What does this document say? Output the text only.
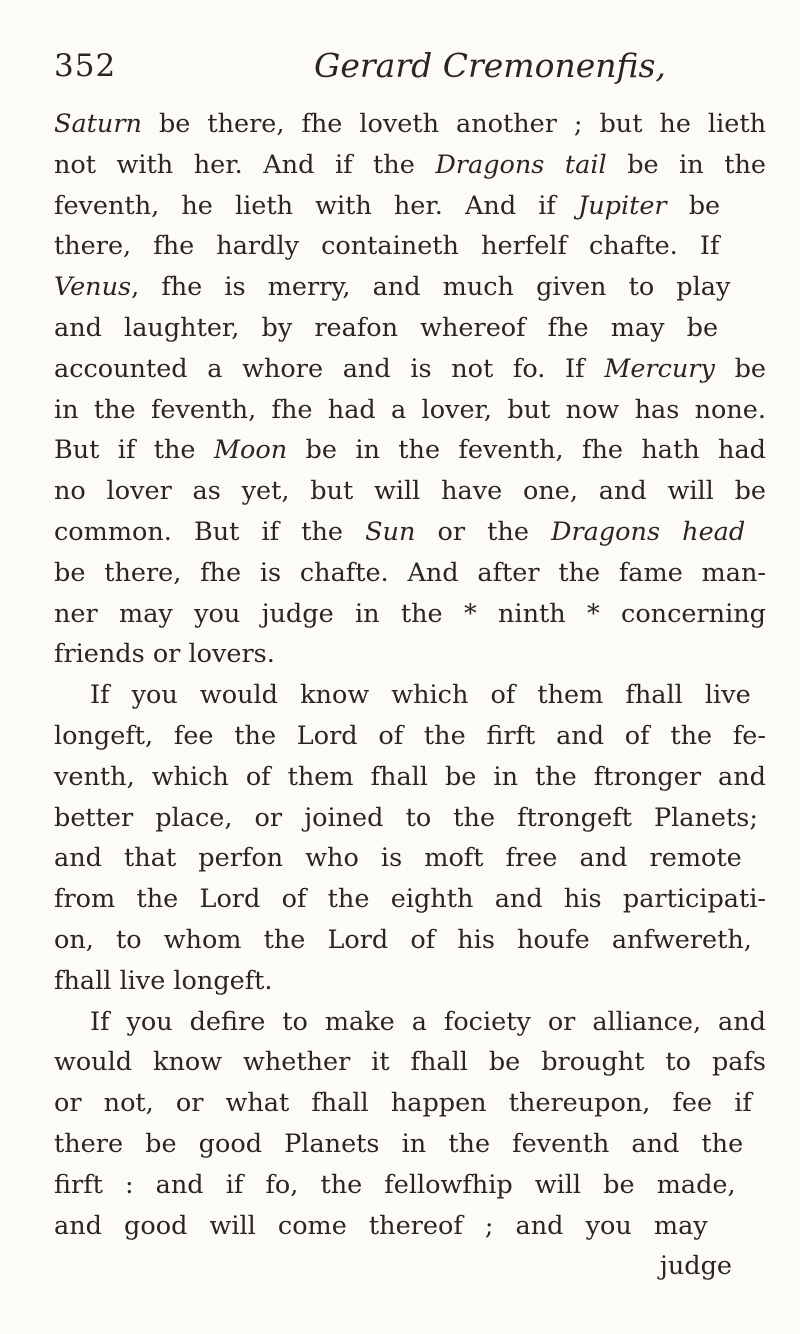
352	Gerard Cremonenfis,
Saturn be there, fhe loveth another ; but he lieth
not with her. And if the Dragons tail be in the
feventh, he lieth with her. And if Jupiter be
there, fhe hardly containeth herfelf chafte. If
Venus, fhe is merry, and much given to play
and laughter, by reafon whereof fhe may be
accounted a whore and is not fo. If Mercury be
in the feventh, fhe had a lover, but now has none.
But if the Moon be in the feventh, fhe hath had
no lover as yet, but will have one, and will be
common. But if the Sun or the Dragons head
be there, fhe is chafte. And after the fame man-
ner may you judge in the * ninth * concerning
friends or lovers.
If you would know which of them fhall live
longeft, fee the Lord of the firft and of the fe-
venth, which of them fhall be in the ftronger and
better place, or joined to the ftrongeft Planets;
and that perfon who is moft free and remote
from the Lord of the eighth and his participati-
on, to whom the Lord of his houfe anfwereth,
fhall live longeft.
If you defire to make a fociety or alliance, and
would know whether it fhall be brought to pafs
or not, or what fhall happen thereupon, fee if
there be good Planets in the feventh and the
firft : and if fo, the fellowfhip will be made,
and good will come thereof ; and you may
judge
